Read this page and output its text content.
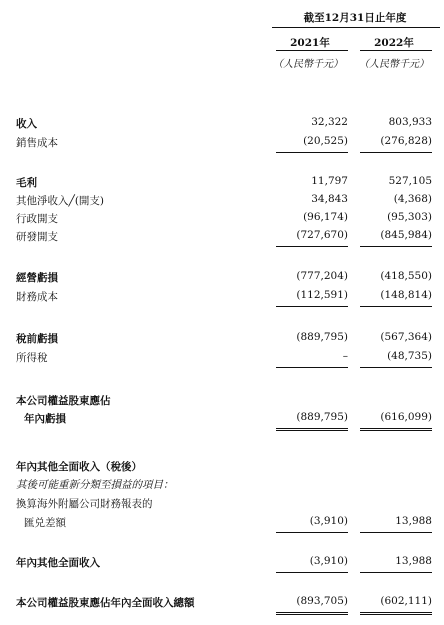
截至12月31日止年度
2021年	2022年
（人民幣千元）	（人民幣千元）
收入	32,322	803,933
銷售成本	(20,525)	(276,828)
毛利	11,797	527,105
其他淨收入╱(開支)	34,843	(4,368)
行政開支	(96,174)	(95,303)
研發開支	(727,670)	(845,984)
經營虧損	(777,204)	(418,550)
財務成本	(112,591)	(148,814)
稅前虧損	(889,795)	(567,364)
所得稅	–	(48,735)
本公司權益股東應佔
年內虧損	(889,795)	(616,099)
年內其他全面收入（稅後）
其後可能重新分類至損益的項目：
換算海外附屬公司財務報表的
匯兑差額	(3,910)	13,988
年內其他全面收入	(3,910)	13,988
本公司權益股東應佔年內全面收入總額	(893,705)	(602,111)
